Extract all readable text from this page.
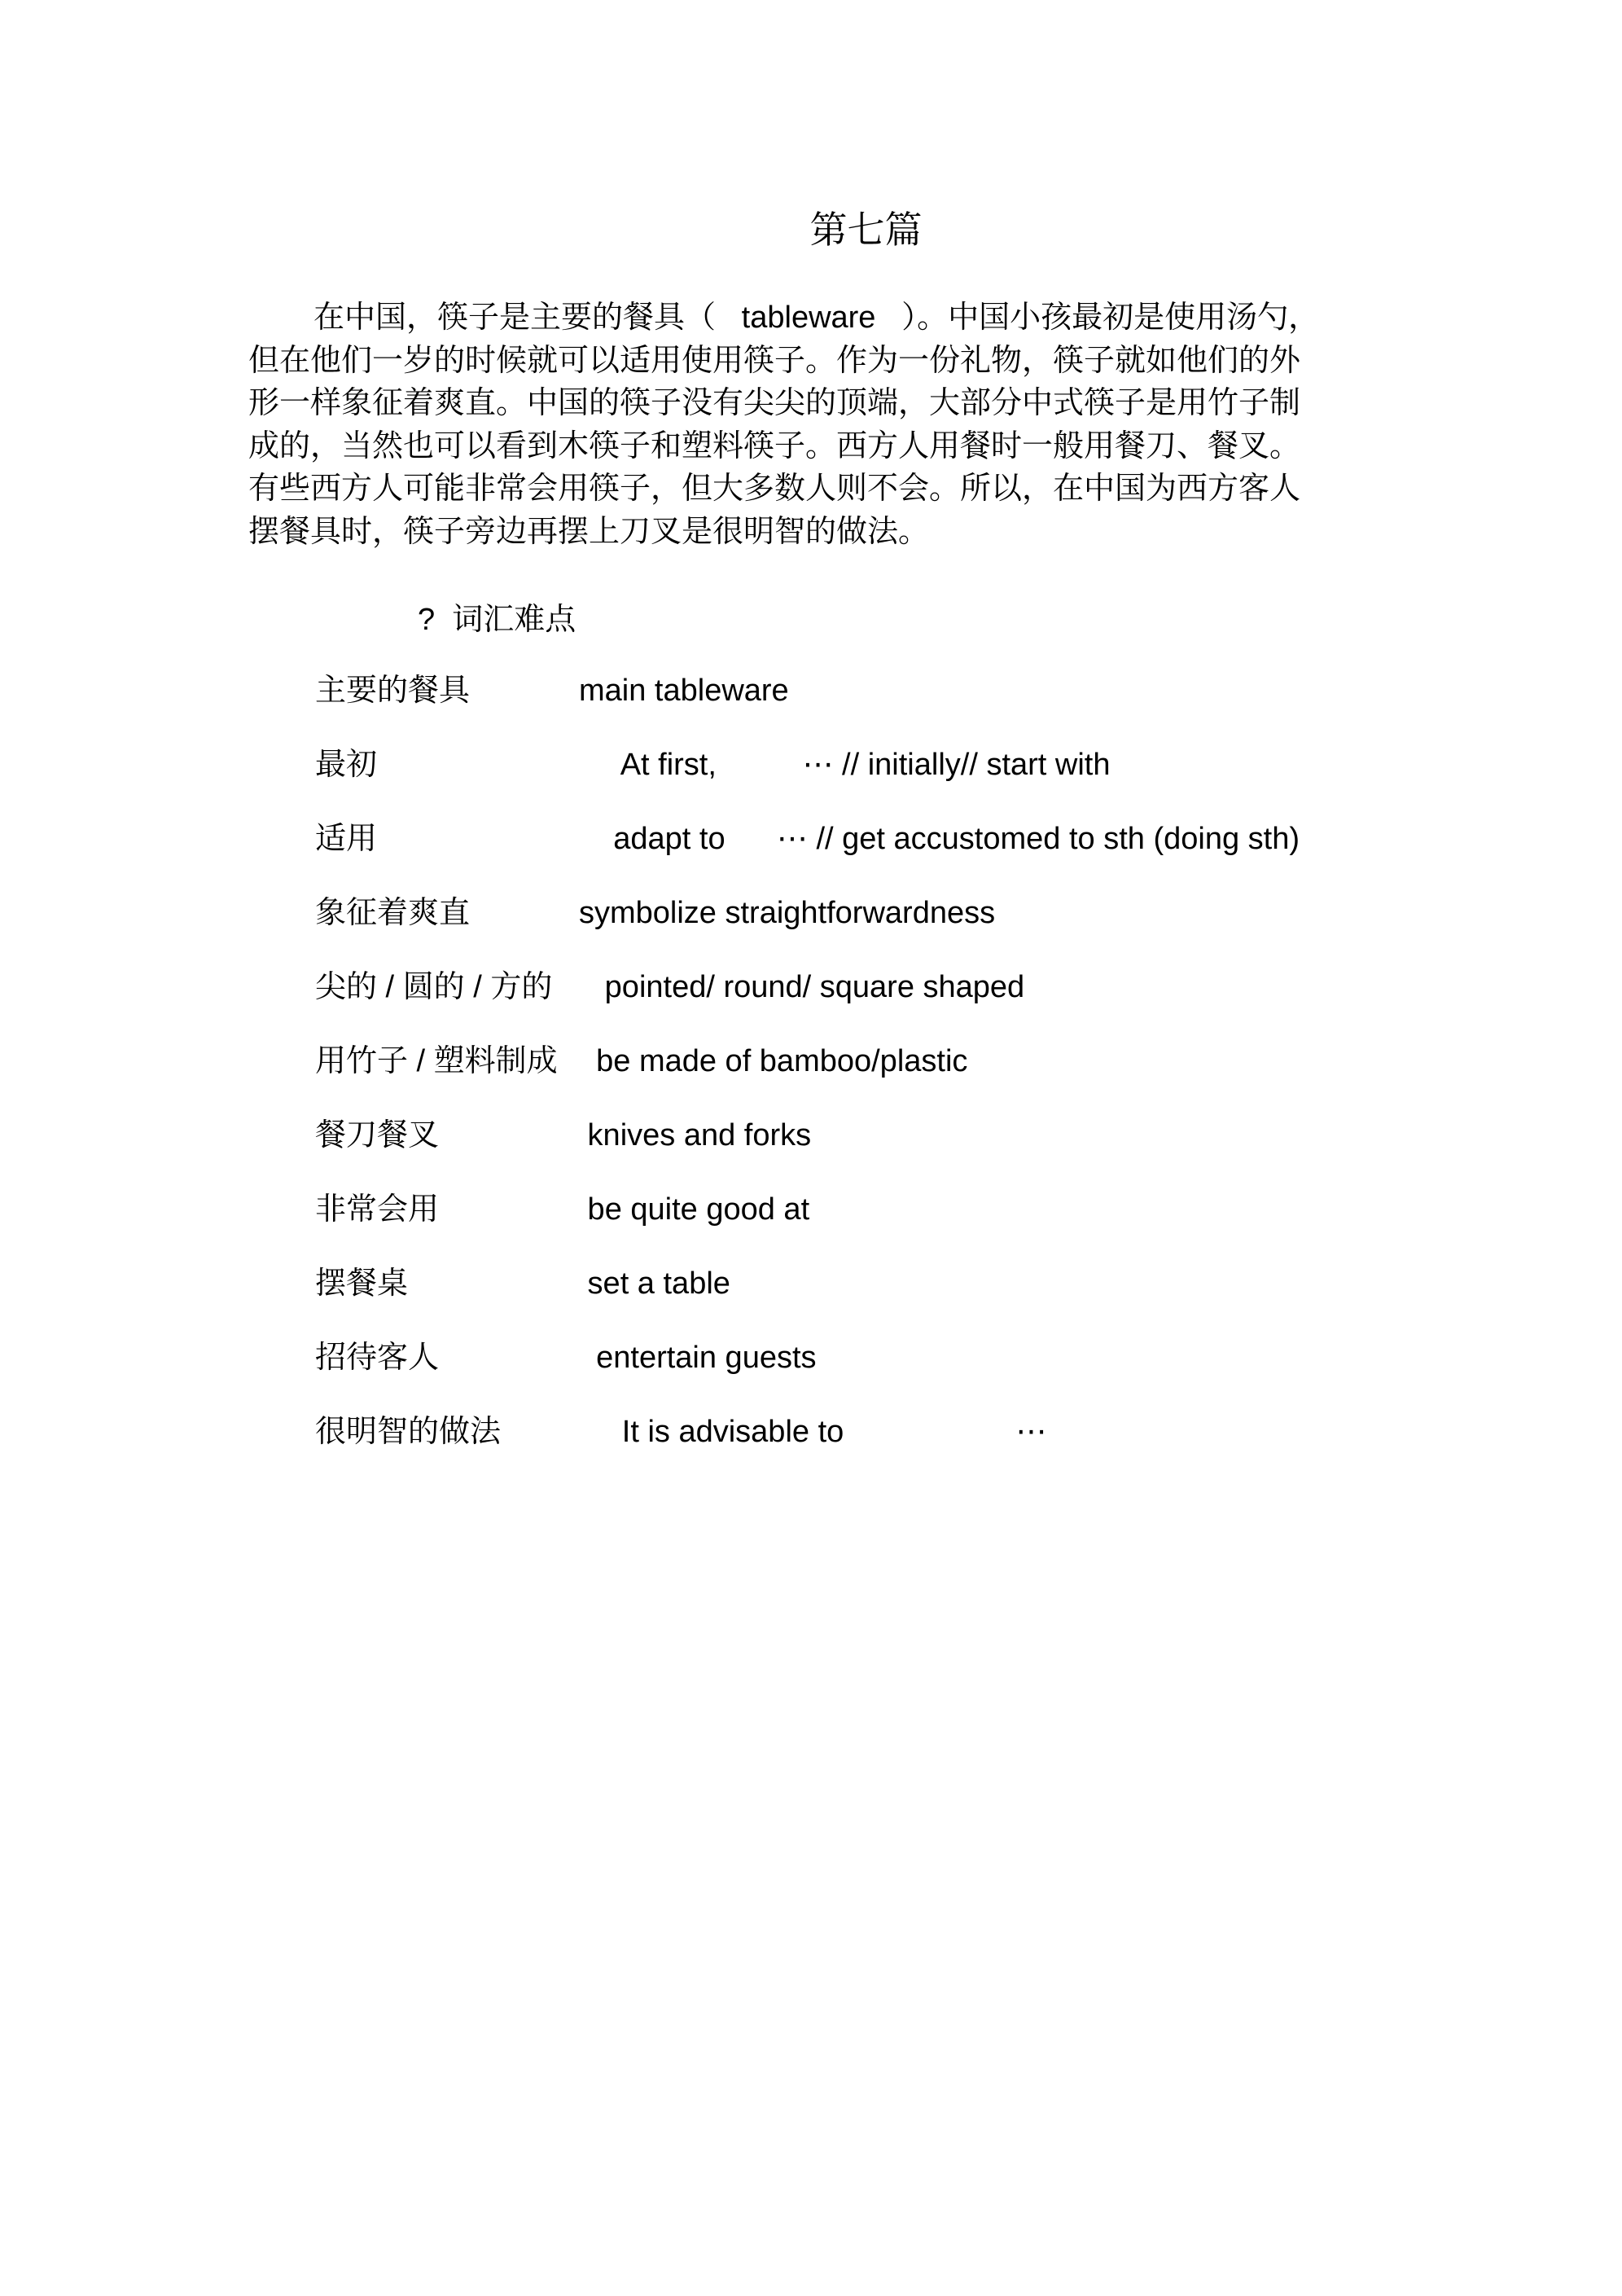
第七篇
在中国，筷子是主要的餐具（   tableware   ）。中国小孩最初是使用汤勺，
但在他们一岁的时候就可以适用使用筷子。作为一份礼物，筷子就如他们的外
形一样象征着爽直。中国的筷子没有尖尖的顶端，大部分中式筷子是用竹子制
成的，当然也可以看到木筷子和塑料筷子。西方人用餐时一般用餐刀、餐叉。
有些西方人可能非常会用筷子，但大多数人则不会。所以，在中国为西方客人
摆餐具时，筷子旁边再摆上刀叉是很明智的做法。
?  词汇难点
主要的餐具	main tableware
最初	At first,          ⋯ // initially// start with
适用	adapt to      ⋯ // get accustomed to sth (doing sth)
象征着爽直	symbolize straightforwardness
尖的 / 圆的 / 方的 pointed/ round/ square shaped
用竹子 / 塑料制成 be made of bamboo/plastic
餐刀餐叉	knives and forks
非常会用	be quite good at
摆餐桌	set a table
招待客人	entertain guests
很明智的做法	It is advisable to                    ⋯
